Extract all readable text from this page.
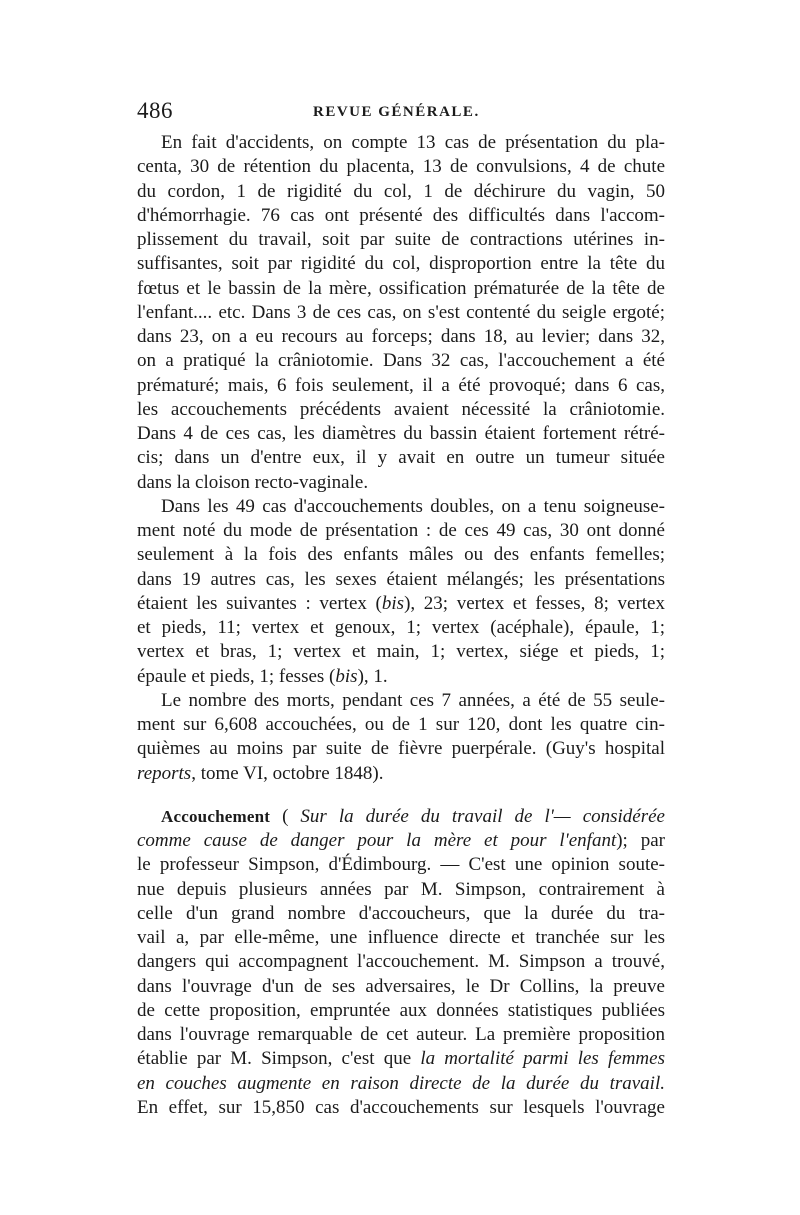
486	REVUE GÉNÉRALE.
En fait d'accidents, on compte 13 cas de présentation du pla-
centa, 30 de rétention du placenta, 13 de convulsions, 4 de chute
du cordon, 1 de rigidité du col, 1 de déchirure du vagin, 50
d'hémorrhagie. 76 cas ont présenté des difficultés dans l'accom-
plissement du travail, soit par suite de contractions utérines in-
suffisantes, soit par rigidité du col, disproportion entre la tête du
fœtus et le bassin de la mère, ossification prématurée de la tête de
l'enfant.... etc. Dans 3 de ces cas, on s'est contenté du seigle ergoté;
dans 23, on a eu recours au forceps; dans 18, au levier; dans 32,
on a pratiqué la crâniotomie. Dans 32 cas, l'accouchement a été
prématuré; mais, 6 fois seulement, il a été provoqué; dans 6 cas,
les accouchements précédents avaient nécessité la crâniotomie.
Dans 4 de ces cas, les diamètres du bassin étaient fortement rétré-
cis; dans un d'entre eux, il y avait en outre un tumeur située
dans la cloison recto-vaginale.
Dans les 49 cas d'accouchements doubles, on a tenu soigneuse-
ment noté du mode de présentation : de ces 49 cas, 30 ont donné
seulement à la fois des enfants mâles ou des enfants femelles;
dans 19 autres cas, les sexes étaient mélangés; les présentations
étaient les suivantes : vertex (bis), 23; vertex et fesses, 8; vertex
et pieds, 11; vertex et genoux, 1; vertex (acéphale), épaule, 1;
vertex et bras, 1; vertex et main, 1; vertex, siége et pieds, 1;
épaule et pieds, 1; fesses (bis), 1.
Le nombre des morts, pendant ces 7 années, a été de 55 seule-
ment sur 6,608 accouchées, ou de 1 sur 120, dont les quatre cin-
quièmes au moins par suite de fièvre puerpérale. (Guy's hospital
reports, tome VI, octobre 1848).
Accouchement ( Sur la durée du travail de l'— considérée
comme cause de danger pour la mère et pour l'enfant); par
le professeur Simpson, d'Édimbourg. — C'est une opinion soute-
nue depuis plusieurs années par M. Simpson, contrairement à
celle d'un grand nombre d'accoucheurs, que la durée du tra-
vail a, par elle-même, une influence directe et tranchée sur les
dangers qui accompagnent l'accouchement. M. Simpson a trouvé,
dans l'ouvrage d'un de ses adversaires, le Dr Collins, la preuve
de cette proposition, empruntée aux données statistiques publiées
dans l'ouvrage remarquable de cet auteur. La première proposition
établie par M. Simpson, c'est que la mortalité parmi les femmes
en couches augmente en raison directe de la durée du travail.
En effet, sur 15,850 cas d'accouchements sur lesquels l'ouvrage
